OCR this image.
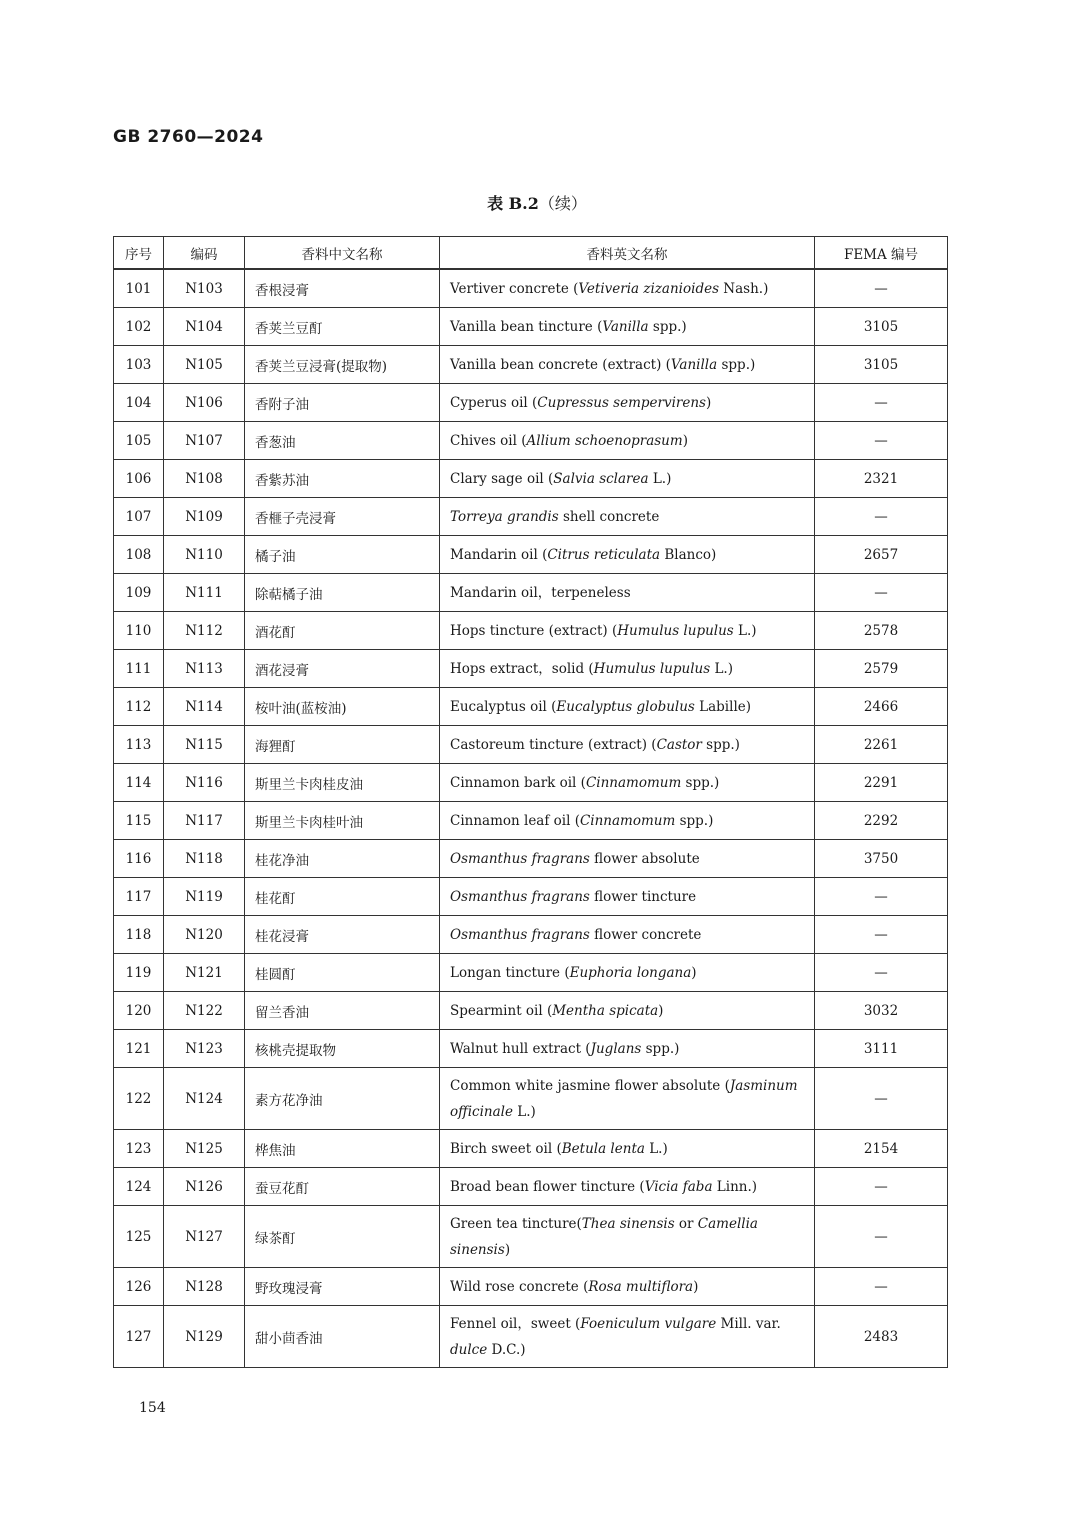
GB 2760—2024
表 B.2（续）
序号	编码	香料中文名称	香料英文名称	FEMA 编号
101	N103	香根浸膏	Vertiver concrete (Vetiveria zizanioides Nash.)	—
102	N104	香荚兰豆酊	Vanilla bean tincture (Vanilla spp.)	3105
103	N105	香荚兰豆浸膏(提取物)	Vanilla bean concrete (extract) (Vanilla spp.)	3105
104	N106	香附子油	Cyperus oil (Cupressus sempervirens)	—
105	N107	香葱油	Chives oil (Allium schoenoprasum)	—
106	N108	香紫苏油	Clary sage oil (Salvia sclarea L.)	2321
107	N109	香榧子壳浸膏	Torreya grandis shell concrete	—
108	N110	橘子油	Mandarin oil (Citrus reticulata Blanco)	2657
109	N111	除萜橘子油	Mandarin oil，terpeneless	—
110	N112	酒花酊	Hops tincture (extract) (Humulus lupulus L.)	2578
111	N113	酒花浸膏	Hops extract，solid (Humulus lupulus L.)	2579
112	N114	桉叶油(蓝桉油)	Eucalyptus oil (Eucalyptus globulus Labille)	2466
113	N115	海狸酊	Castoreum tincture (extract) (Castor spp.)	2261
114	N116	斯里兰卡肉桂皮油	Cinnamon bark oil (Cinnamomum spp.)	2291
115	N117	斯里兰卡肉桂叶油	Cinnamon leaf oil (Cinnamomum spp.)	2292
116	N118	桂花净油	Osmanthus fragrans flower absolute	3750
117	N119	桂花酊	Osmanthus fragrans flower tincture	—
118	N120	桂花浸膏	Osmanthus fragrans flower concrete	—
119	N121	桂圆酊	Longan tincture (Euphoria longana)	—
120	N122	留兰香油	Spearmint oil (Mentha spicata)	3032
121	N123	核桃壳提取物	Walnut hull extract (Juglans spp.)	3111
122	N124	素方花净油	Common white jasmine flower absolute (Jasminum officinale L.)	—
123	N125	桦焦油	Birch sweet oil (Betula lenta L.)	2154
124	N126	蚕豆花酊	Broad bean flower tincture (Vicia faba Linn.)	—
125	N127	绿茶酊	Green tea tincture(Thea sinensis or Camellia sinensis)	—
126	N128	野玫瑰浸膏	Wild rose concrete (Rosa multiflora)	—
127	N129	甜小茴香油	Fennel oil，sweet (Foeniculum vulgare Mill. var. dulce D.C.)	2483
154
